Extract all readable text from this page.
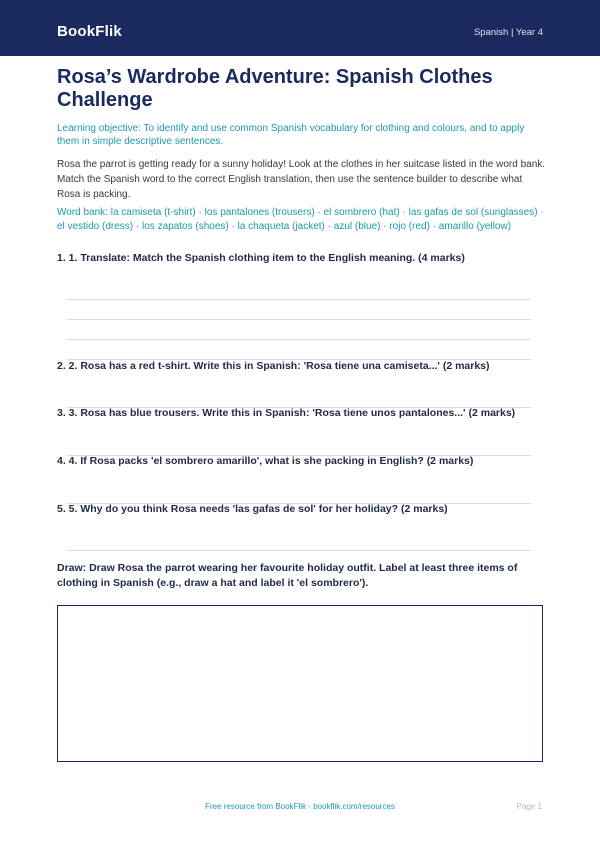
BookFlik	Spanish | Year 4
Rosa’s Wardrobe Adventure: Spanish Clothes Challenge

Learning objective: To identify and use common Spanish vocabulary for clothing and colours, and to apply them in simple descriptive sentences.

Rosa the parrot is getting ready for a sunny holiday! Look at the clothes in her suitcase listed in the word bank. Match the Spanish word to the correct English translation, then use the sentence builder to describe what Rosa is packing.

Word bank: la camiseta (t-shirt) · los pantalones (trousers) · el sombrero (hat) · las gafas de sol (sunglasses) · el vestido (dress) · los zapatos (shoes) · la chaqueta (jacket) · azul (blue) · rojo (red) · amarillo (yellow)

1. 1. Translate: Match the Spanish clothing item to the English meaning. (4 marks)

2. 2. Rosa has a red t-shirt. Write this in Spanish: 'Rosa tiene una camiseta...' (2 marks)

3. 3. Rosa has blue trousers. Write this in Spanish: 'Rosa tiene unos pantalones...' (2 marks)

4. 4. If Rosa packs 'el sombrero amarillo', what is she packing in English? (2 marks)

5. 5. Why do you think Rosa needs 'las gafas de sol' for her holiday? (2 marks)

Draw: Draw Rosa the parrot wearing her favourite holiday outfit. Label at least three items of clothing in Spanish (e.g., draw a hat and label it 'el sombrero').

Free resource from BookFlik · bookflik.com/resources	Page 1
